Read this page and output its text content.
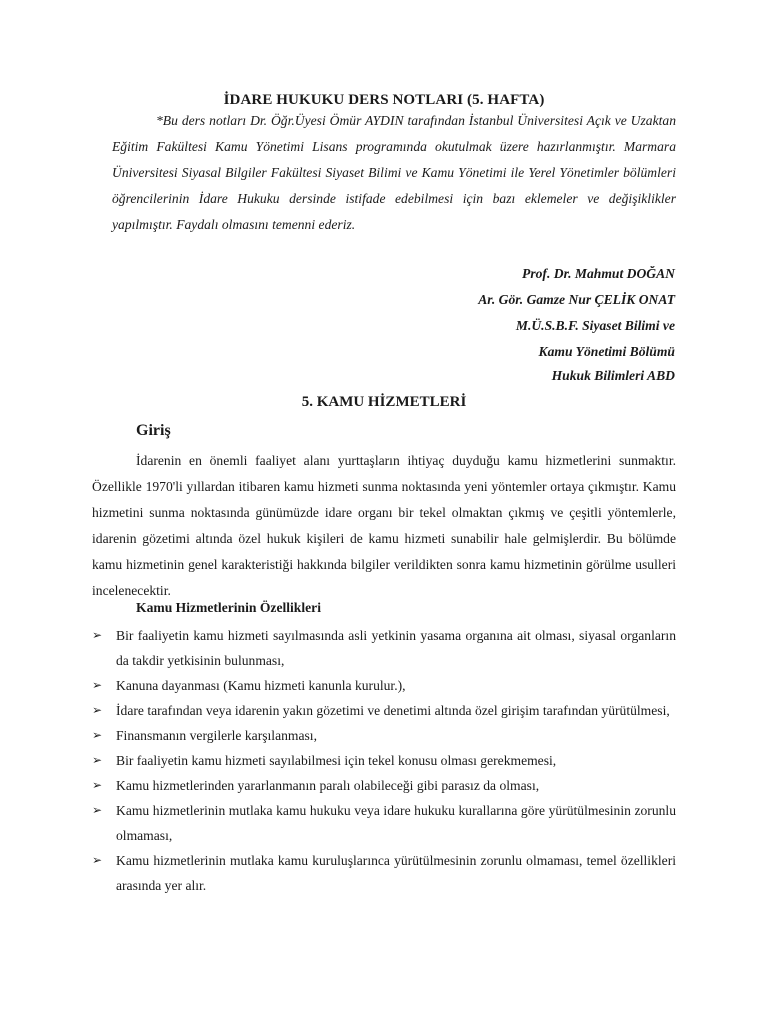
İDARE HUKUKU DERS NOTLARI (5. HAFTA)

*Bu ders notları Dr. Öğr.Üyesi Ömür AYDIN tarafından İstanbul Üniversitesi Açık ve Uzaktan Eğitim Fakültesi Kamu Yönetimi Lisans programında okutulmak üzere hazırlanmıştır. Marmara Üniversitesi Siyasal Bilgiler Fakültesi Siyaset Bilimi ve Kamu Yönetimi ile Yerel Yönetimler bölümleri öğrencilerinin İdare Hukuku dersinde istifade edebilmesi için bazı eklemeler ve değişiklikler yapılmıştır. Faydalı olmasını temenni ederiz.

Prof. Dr. Mahmut DOĞAN
Ar. Gör. Gamze Nur ÇELİK ONAT
M.Ü.S.B.F. Siyaset Bilimi ve
Kamu Yönetimi Bölümü
Hukuk Bilimleri ABD
5. KAMU HİZMETLERİ
Giriş

İdarenin en önemli faaliyet alanı yurttaşların ihtiyaç duyduğu kamu hizmetlerini sunmaktır. Özellikle 1970'li yıllardan itibaren kamu hizmeti sunma noktasında yeni yöntemler ortaya çıkmıştır. Kamu hizmetini sunma noktasında günümüzde idare organı bir tekel olmaktan çıkmış ve çeşitli yöntemlerle, idarenin gözetimi altında özel hukuk kişileri de kamu hizmeti sunabilir hale gelmişlerdir. Bu bölümde kamu hizmetinin genel karakteristiği hakkında bilgiler verildikten sonra kamu hizmetinin görülme usulleri incelenecektir.

Kamu Hizmetlerinin Özellikleri
➢ Bir faaliyetin kamu hizmeti sayılmasında asli yetkinin yasama organına ait olması, siyasal organların da takdir yetkisinin bulunması,
➢ Kanuna dayanması (Kamu hizmeti kanunla kurulur.),
➢ İdare tarafından veya idarenin yakın gözetimi ve denetimi altında özel girişim tarafından yürütülmesi,
➢ Finansmanın vergilerle karşılanması,
➢ Bir faaliyetin kamu hizmeti sayılabilmesi için tekel konusu olması gerekmemesi,
➢ Kamu hizmetlerinden yararlanmanın paralı olabileceği gibi parasız da olması,
➢ Kamu hizmetlerinin mutlaka kamu hukuku veya idare hukuku kurallarına göre yürütülmesinin zorunlu olmaması,
➢ Kamu hizmetlerinin mutlaka kamu kuruluşlarınca yürütülmesinin zorunlu olmaması, temel özellikleri arasında yer alır.
